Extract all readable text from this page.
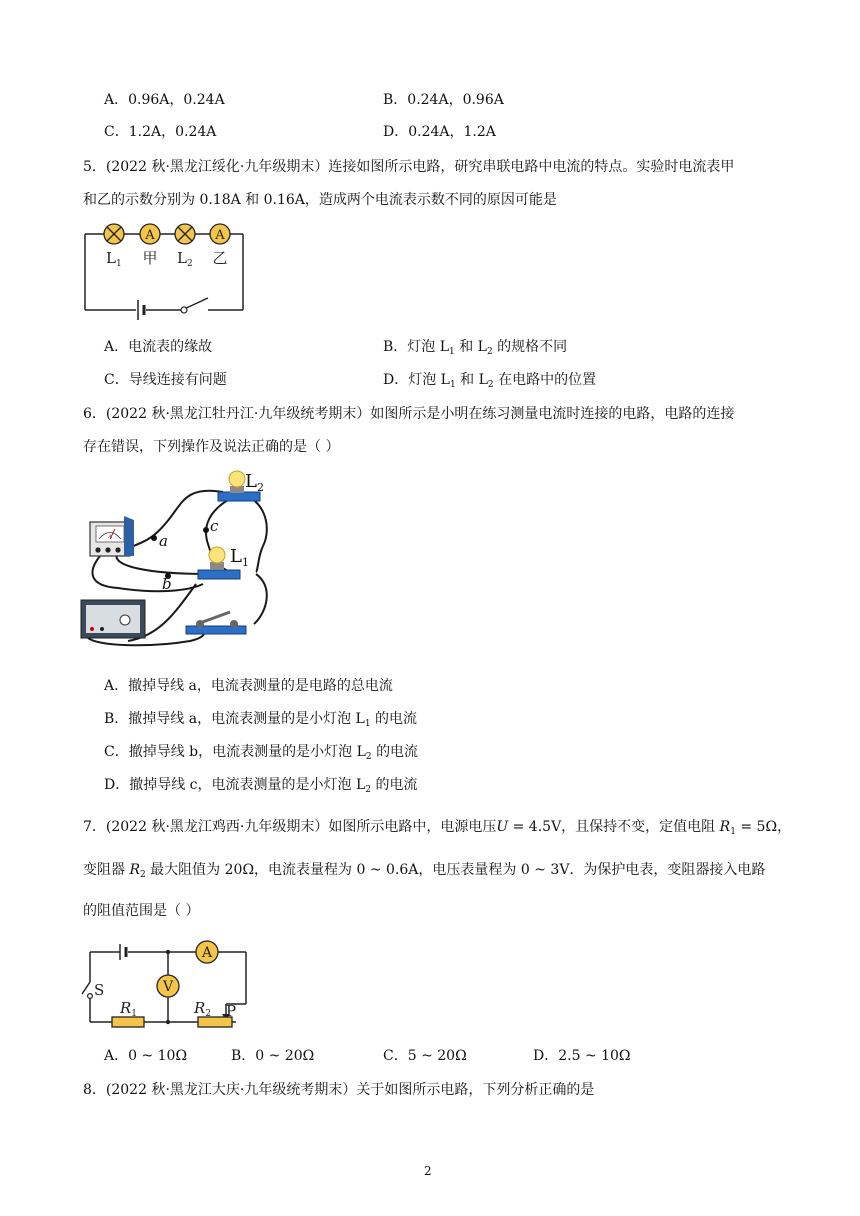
A．0.96A，0.24A	B．0.24A，0.96A
C．1.2A，0.24A	D．0.24A，1.2A
5．(2022 秋·黑龙江绥化·九年级期末）连接如图所示电路，研究串联电路中电流的特点。实验时电流表甲
和乙的示数分别为 0.18A 和 0.16A，造成两个电流表示数不同的原因可能是
A	A
$L_1$ 甲 $L_2$ 乙
A．电流表的缘故	B．灯泡 $L_1$ 和 $L_2$ 的规格不同
C．导线连接有问题	D．灯泡 $L_1$ 和 $L_2$ 在电路中的位置
6．(2022 秋·黑龙江牡丹江·九年级统考期末）如图所示是小明在练习测量电流时连接的电路，电路的连接
存在错误，下列操作及说法正确的是（ ）
A
$L_2$
$L_1$
a
b
c
A．撤掉导线 a，电流表测量的是电路的总电流
B．撤掉导线 a，电流表测量的是小灯泡 $L_1$ 的电流
C．撤掉导线 b，电流表测量的是小灯泡 $L_2$ 的电流
D．撤掉导线 c，电流表测量的是小灯泡 $L_2$ 的电流
7．(2022 秋·黑龙江鸡西·九年级期末）如图所示电路中，电源电压U = 4.5V，且保持不变，定值电阻 $R_1 = 5\Omega$，
变阻器 $R_2$ 最大阻值为 20Ω，电流表量程为 0 ~ 0.6A，电压表量程为 0 ~ 3V．为保护电表，变阻器接入电路
的阻值范围是（ ）
A
V
S
$R_1$	$R_2$ P
A．0 ~ 10Ω	B．0 ~ 20Ω	C．5 ~ 20Ω	D．2.5 ~ 10Ω
8．(2022 秋·黑龙江大庆·九年级统考期末）关于如图所示电路，下列分析正确的是
2
